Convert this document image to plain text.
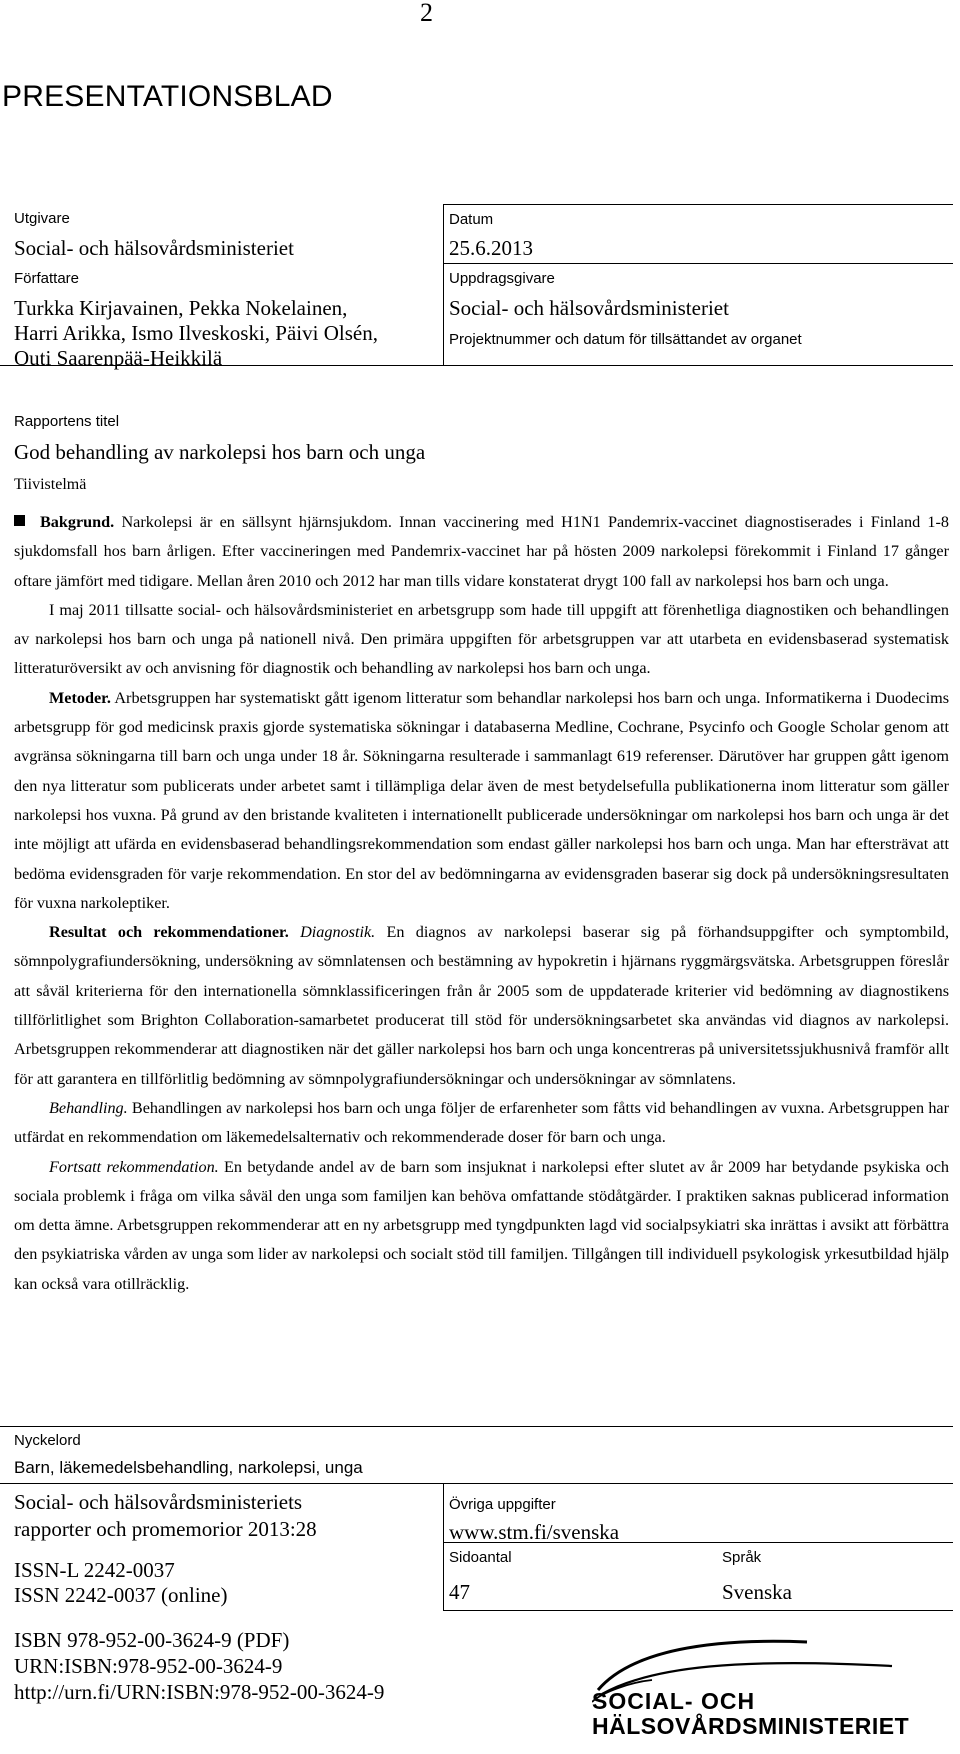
2
PRESENTATIONSBLAD
Utgivare
Social- och hälsovårdsministeriet
Författare
Turkka Kirjavainen, Pekka Nokelainen,
Harri Arikka, Ismo Ilveskoski, Päivi Olsén,
Outi Saarenpää-Heikkilä
Datum
25.6.2013
Uppdragsgivare
Social- och hälsovårdsministeriet
Projektnummer och datum för tillsättandet av organet
Rapportens titel
God behandling av narkolepsi hos barn och unga
Tiivistelmä

Bakgrund. Narkolepsi är en sällsynt hjärnsjukdom. Innan vaccinering med H1N1 Pandemrix-vaccinet diagnostiserades i Finland 1-8 sjukdomsfall hos barn årligen. Efter vaccineringen med Pandemrix-vaccinet har på hösten 2009 narkolepsi förekommit i Finland 17 gånger oftare jämfört med tidigare. Mellan åren 2010 och 2012 har man tills vidare konstaterat drygt 100 fall av narkolepsi hos barn och unga.

I maj 2011 tillsatte social- och hälsovårdsministeriet en arbetsgrupp som hade till uppgift att förenhetliga diagnostiken och behandlingen av narkolepsi hos barn och unga på nationell nivå. Den primära uppgiften för arbetsgruppen var att utarbeta en evidensbaserad systematisk litteraturöversikt av och anvisning för diagnostik och behandling av narkolepsi hos barn och unga.

Metoder. Arbetsgruppen har systematiskt gått igenom litteratur som behandlar narkolepsi hos barn och unga. Informatikerna i Duodecims arbetsgrupp för god medicinsk praxis gjorde systematiska sökningar i databaserna Medline, Cochrane, Psycinfo och Google Scholar genom att avgränsa sökningarna till barn och unga under 18 år. Sökningarna resulterade i sammanlagt 619 referenser. Därutöver har gruppen gått igenom den nya litteratur som publicerats under arbetet samt i tillämpliga delar även de mest betydelsefulla publikationerna inom litteratur som gäller narkolepsi hos vuxna. På grund av den bristande kvaliteten i internationellt publicerade undersökningar om narkolepsi hos barn och unga är det inte möjligt att ufärda en evidensbaserad behandlingsrekommendation som endast gäller narkolepsi hos barn och unga. Man har eftersträvat att bedöma evidensgraden för varje rekommendation. En stor del av bedömningarna av evidensgraden baserar sig dock på undersökningsresultaten för vuxna narkoleptiker.

Resultat och rekommendationer. Diagnostik. En diagnos av narkolepsi baserar sig på förhandsuppgifter och symptombild, sömnpolygrafiundersökning, undersökning av sömnlatensen och bestämning av hypokretin i hjärnans ryggmärgsvätska. Arbetsgruppen föreslår att såväl kriterierna för den internationella sömnklassificeringen från år 2005 som de uppdaterade kriterier vid bedömning av diagnostikens tillförlitlighet som Brighton Collaboration-samarbetet producerat till stöd för undersökningsarbetet ska användas vid diagnos av narkolepsi. Arbetsgruppen rekommenderar att diagnostiken när det gäller narkolepsi hos barn och unga koncentreras på universitetssjukhusnivå framför allt för att garantera en tillförlitlig bedömning av sömnpolygrafiundersökningar och undersökningar av sömnlatens.

Behandling. Behandlingen av narkolepsi hos barn och unga följer de erfarenheter som fåtts vid behandlingen av vuxna. Arbetsgruppen har utfärdat en rekommendation om läkemedelsalternativ och rekommenderade doser för barn och unga.

Fortsatt rekommendation. En betydande andel av de barn som insjuknat i narkolepsi efter slutet av år 2009 har betydande psykiska och sociala problemk i fråga om vilka såväl den unga som familjen kan behöva omfattande stödåtgärder. I praktiken saknas publicerad information om detta ämne. Arbetsgruppen rekommenderar att en ny arbetsgrupp med tyngdpunkten lagd vid socialpsykiatri ska inrättas i avsikt att förbättra den psykiatriska vården av unga som lider av narkolepsi och socialt stöd till familjen. Tillgången till individuell psykologisk yrkesutbildad hjälp kan också vara otillräcklig.

Nyckelord
Barn, läkemedelsbehandling, narkolepsi, unga
Social- och hälsovårdsministeriets
rapporter och promemorior 2013:28
ISSN-L 2242-0037
ISSN 2242-0037 (online)
ISBN 978-952-00-3624-9 (PDF)
URN:ISBN:978-952-00-3624-9
http://urn.fi/URN:ISBN:978-952-00-3624-9
Övriga uppgifter
www.stm.fi/svenska
Sidoantal
47
Språk
Svenska
SOCIAL- OCH
HÄLSOVÅRDSMINISTERIET
